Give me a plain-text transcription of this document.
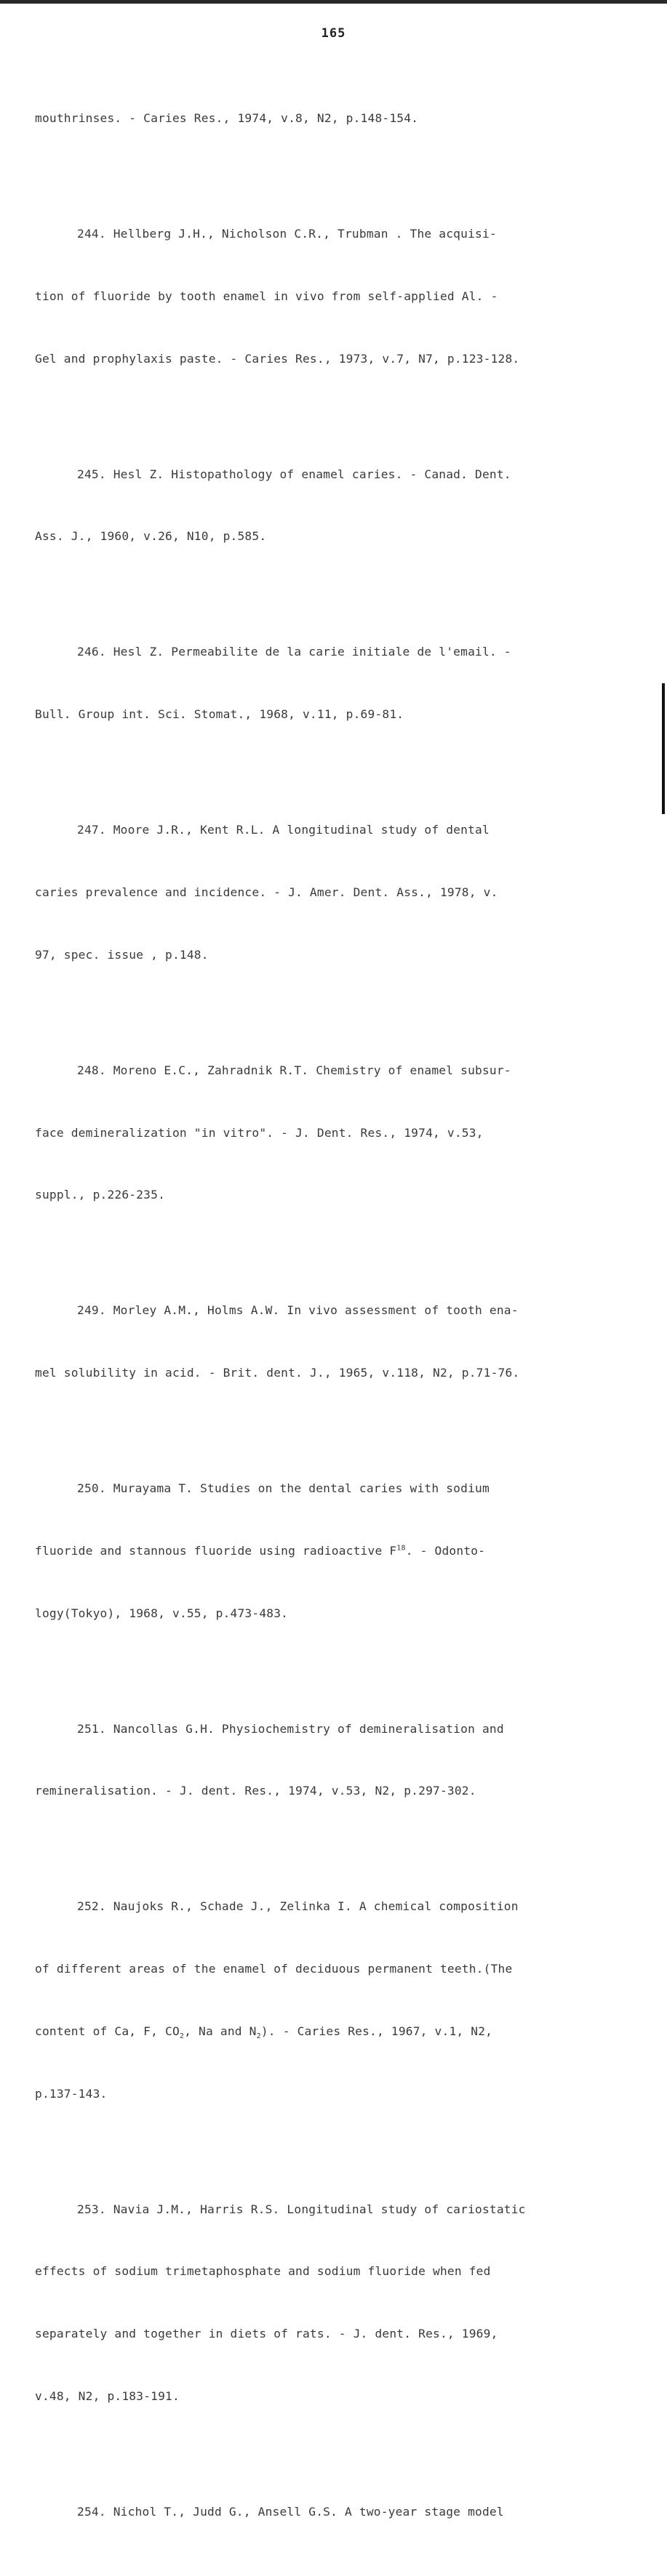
165

mouthrinses. - Caries Res., 1974, v.8, N2, p.148-154.

244. Hellberg J.H., Nicholson C.R., Trubman . The acquisi-

tion of fluoride by tooth enamel in vivo from self-applied Al. -

Gel and prophylaxis paste. - Caries Res., 1973, v.7, N7, p.123-128.

245. Hesl Z. Histopathology of enamel caries. - Canad. Dent.

Ass. J., 1960, v.26, N10, p.585.

246. Hesl Z. Permeabilite de la carie initiale de l'email. -

Bull. Group int. Sci. Stomat., 1968, v.11, p.69-81.

247. Moore J.R., Kent R.L. A longitudinal study of dental

caries prevalence and incidence. - J. Amer. Dent. Ass., 1978, v.

97, spec. issue , p.148.

248. Moreno E.C., Zahradnik R.T. Chemistry of enamel subsur-

face demineralization "in vitro". - J. Dent. Res., 1974, v.53,

suppl., p.226-235.

249. Morley A.M., Holms A.W. In vivo assessment of tooth ena-

mel solubility in acid. - Brit. dent. J., 1965, v.118, N2, p.71-76.

250. Murayama T. Studies on the dental caries with sodium

fluoride and stannous fluoride using radioactive $F^{18}$. - Odonto-

logy(Tokyo), 1968, v.55, p.473-483.

251. Nancollas G.H. Physiochemistry of demineralisation and

remineralisation. - J. dent. Res., 1974, v.53, N2, p.297-302.

252. Naujoks R., Schade J., Zelinka I. A chemical composition

of different areas of the enamel of deciduous permanent teeth.(The

content of Ca, F, $CO_2$, Na and $N_2$). - Caries Res., 1967, v.1, N2,

p.137-143.

253. Navia J.M., Harris R.S. Longitudinal study of cariostatic

effects of sodium trimetaphosphate and sodium fluoride when fed

separately and together in diets of rats. - J. dent. Res., 1969,

v.48, N2, p.183-191.

254. Nichol T., Judd G., Ansell G.S. A two-year stage model
